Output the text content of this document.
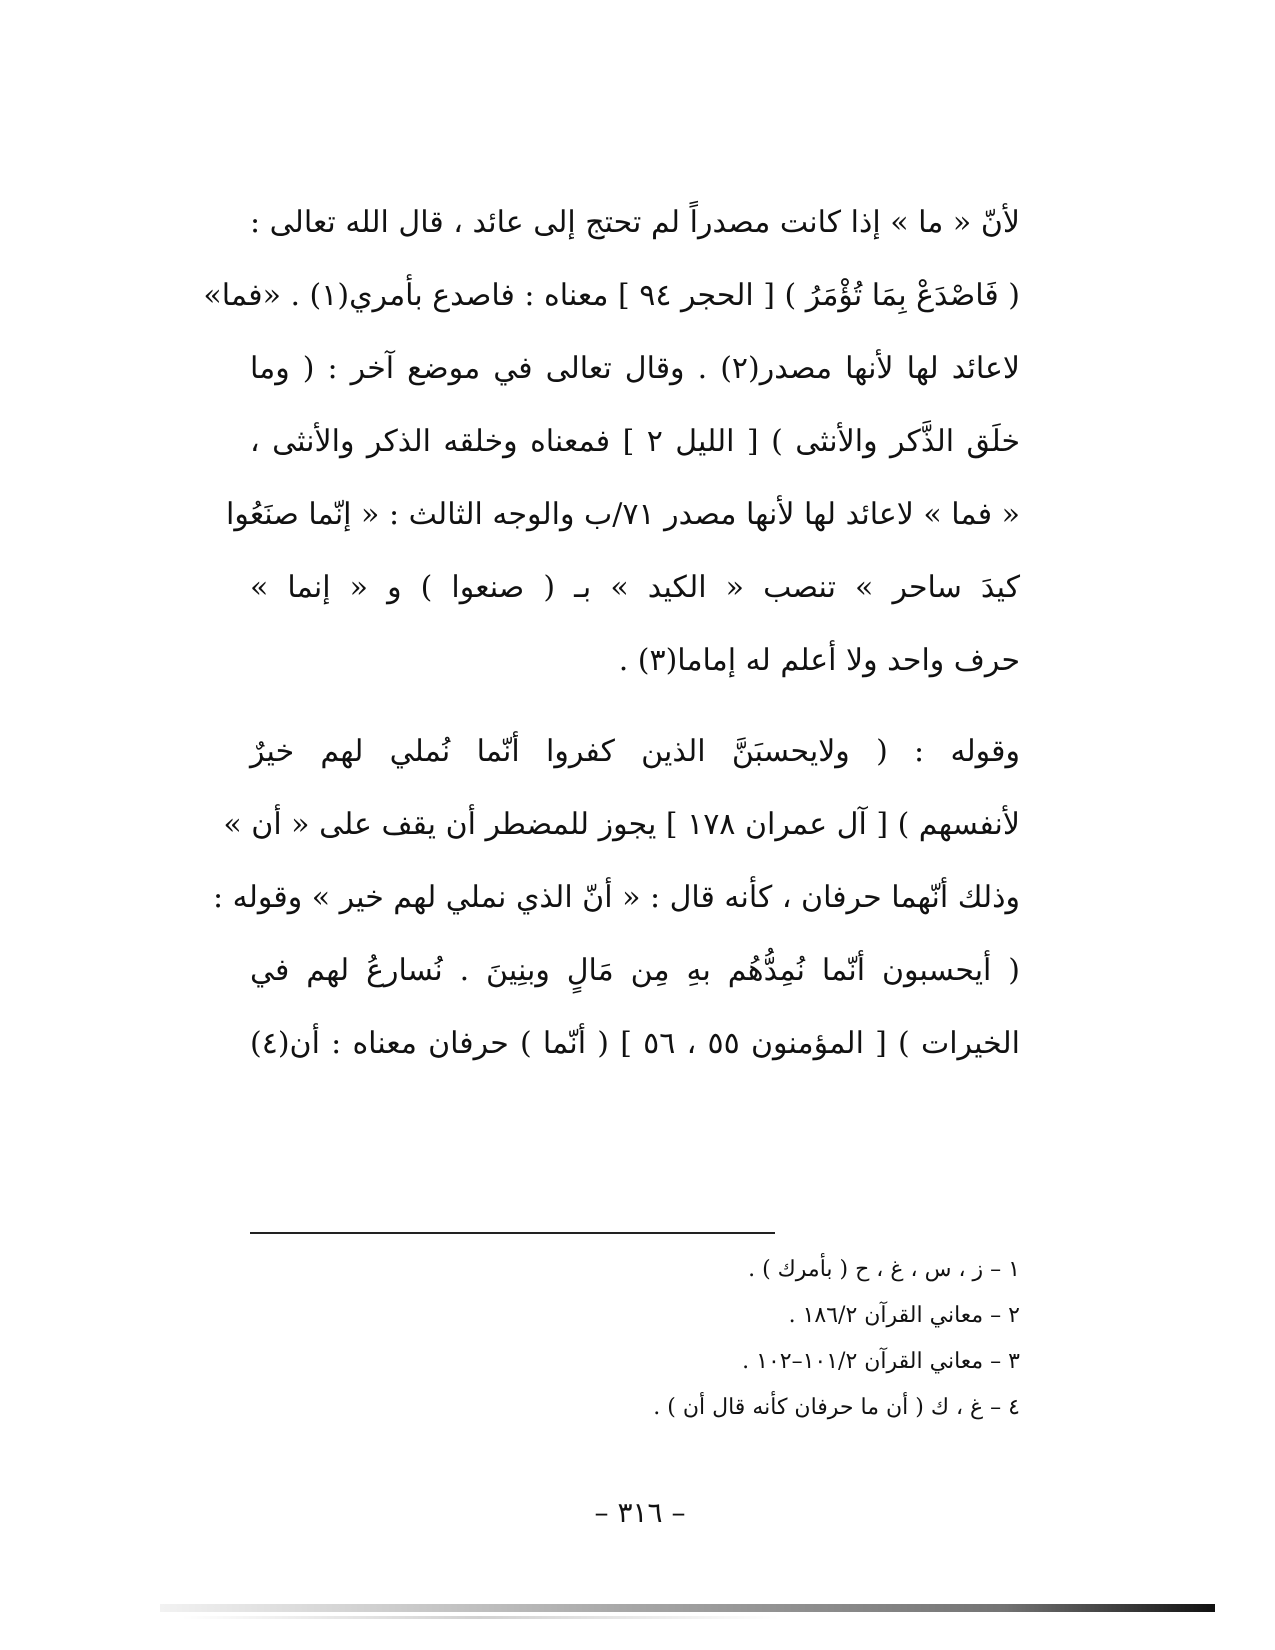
لأنّ « ما » إذا كانت مصدراً لم تحتج إلى عائد ، قال الله تعالى :
( فَاصْدَعْ بِمَا تُؤْمَرُ ) [ الحجر ٩٤ ] معناه : فاصدع بأمري(١) . «فما»
لاعائد لها لأنها مصدر(٢) . وقال تعالى في موضع آخر : ( وما
خلَق الذَّكر والأنثى ) [ الليل ٢ ] فمعناه وخلقه الذكر والأنثى ،
« فما » لاعائد لها لأنها مصدر ٧١/ب والوجه الثالث : « إنّما صنَعُوا
كيدَ ساحر » تنصب « الكيد » بـ ( صنعوا ) و « إنما »
حرف واحد ولا أعلم له إماما(٣) .
وقوله : ( ولايحسبَنَّ الذين كفروا أنّما نُملي لهم خيرٌ
لأنفسهم ) [ آل عمران ١٧٨ ] يجوز للمضطر أن يقف على « أن »
وذلك أنّهما حرفان ، كأنه قال : « أنّ الذي نملي لهم خير » وقوله :
( أيحسبون أنّما نُمِدُّهُم بهِ مِن مَالٍ وبنِينَ . نُسارعُ لهم في
الخيرات ) [ المؤمنون ٥٥ ، ٥٦ ] ( أنّما ) حرفان معناه : أن(٤)
١ – ز ، س ، غ ، ح ( بأمرك ) .
٢ – معاني القرآن ١٨٦/٢ .
٣ – معاني القرآن ١٠١/٢–١٠٢ .
٤ – غ ، ك ( أن ما حرفان كأنه قال أن ) .
– ٣١٦ –
